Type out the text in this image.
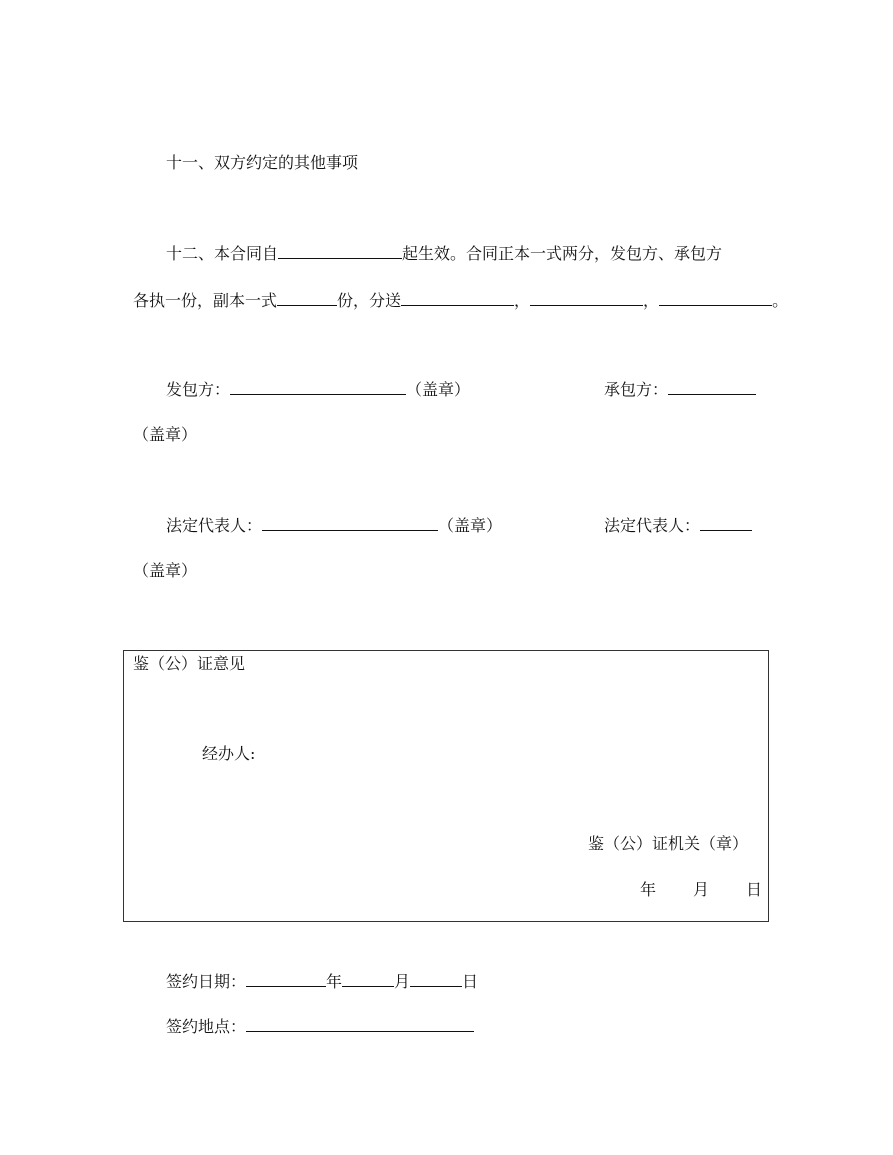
十一、双方约定的其他事项
十二、本合同自	起生效。合同正本一式两分，发包方、承包方
各执一份，副本一式	份，分送	，	，	。
发包方：	（盖章）	承包方：
（盖章）
法定代表人：	（盖章）	法定代表人：
（盖章）
鉴（公）证意见
经办人:
鉴（公）证机关（章）
年 月 日
签约日期：	年	月	日
签约地点：
